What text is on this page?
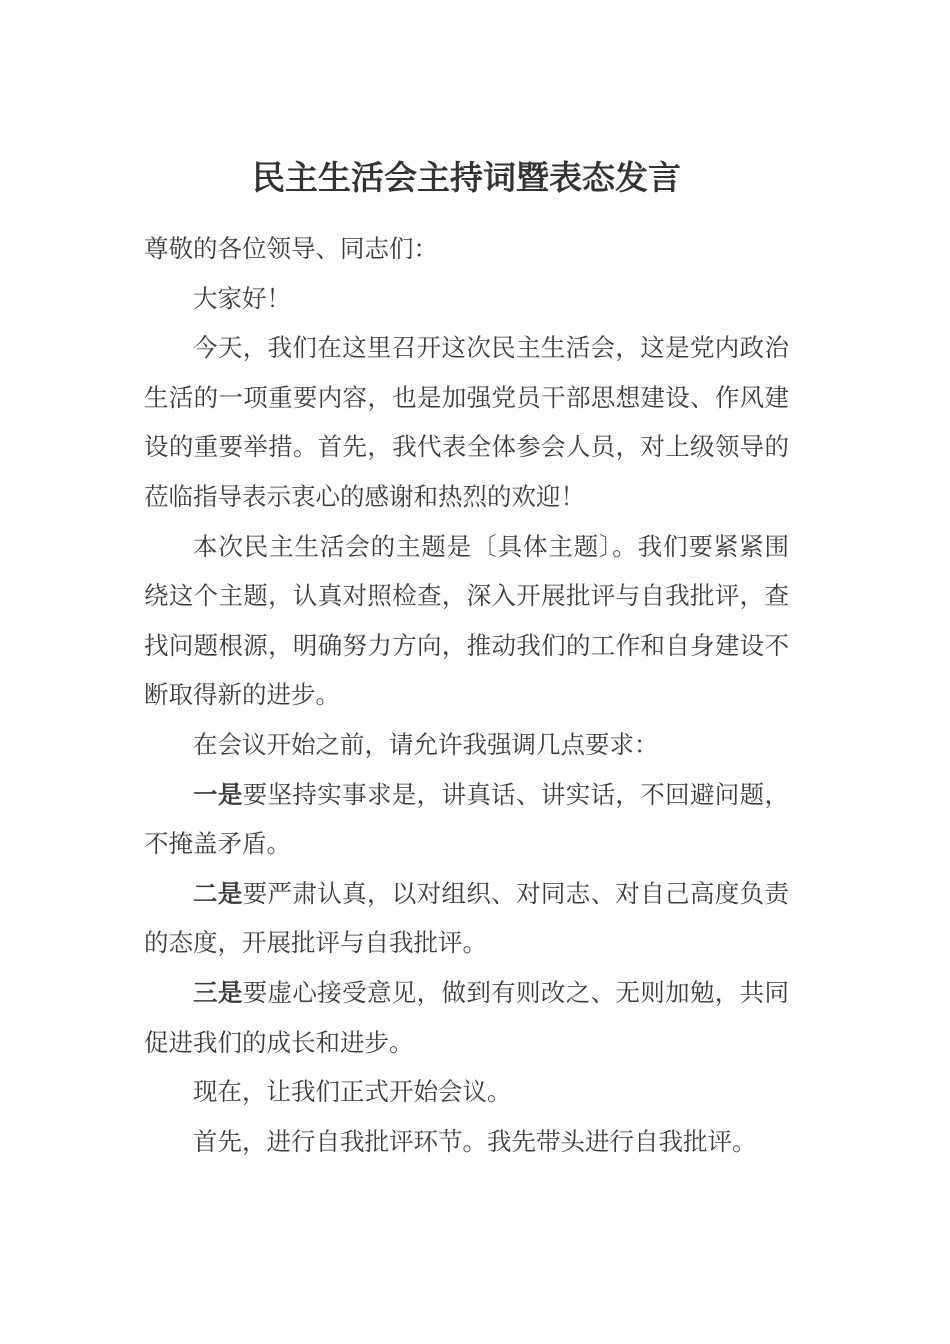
民主生活会主持词暨表态发言

尊敬的各位领导、同志们：

大家好！

今天，我们在这里召开这次民主生活会，这是党内政治生活的一项重要内容，也是加强党员干部思想建设、作风建设的重要举措。首先，我代表全体参会人员，对上级领导的莅临指导表示衷心的感谢和热烈的欢迎！

本次民主生活会的主题是〔具体主题〕。我们要紧紧围绕这个主题，认真对照检查，深入开展批评与自我批评，查找问题根源，明确努力方向，推动我们的工作和自身建设不断取得新的进步。

在会议开始之前，请允许我强调几点要求：

一是要坚持实事求是，讲真话、讲实话，不回避问题，不掩盖矛盾。

二是要严肃认真，以对组织、对同志、对自己高度负责的态度，开展批评与自我批评。

三是要虚心接受意见，做到有则改之、无则加勉，共同促进我们的成长和进步。

现在，让我们正式开始会议。

首先，进行自我批评环节。我先带头进行自我批评。
